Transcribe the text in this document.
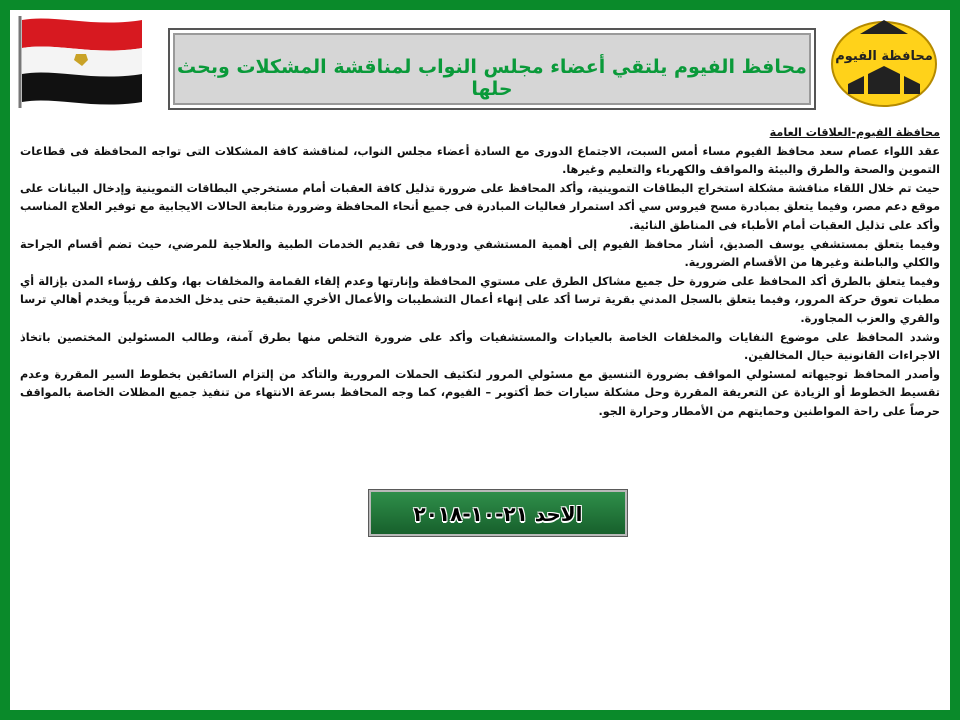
محافظ الفيوم يلتقي أعضاء مجلس النواب لمناقشة المشكلات وبحث حلها
محافظة الفيوم
محافظة الفيوم-العلاقات العامة

عقد اللواء عصام سعد محافظ الفيوم مساء أمس السبت، الاجتماع الدورى مع السادة أعضاء مجلس النواب، لمناقشة كافة المشكلات التى تواجه المحافظة فى قطاعات التموين والصحة والطرق والبيئة والمواقف والكهرباء والتعليم وغيرها.

حيث تم خلال اللقاء مناقشة مشكلة استخراج البطاقات التموينية، وأكد المحافظ على ضرورة تذليل كافة العقبات أمام مستخرجي البطاقات التموينية وإدخال البيانات على موقع دعم مصر، وفيما يتعلق بمبادرة مسح فيروس سي أكد استمرار فعاليات المبادرة فى جميع أنحاء المحافظة وضرورة متابعة الحالات الايجابية مع توفير العلاج المناسب وأكد على تذليل العقبات أمام الأطباء فى المناطق النائية.

وفيما يتعلق بمستشفي يوسف الصديق، أشار محافظ الفيوم إلى أهمية المستشفي ودورها فى تقديم الخدمات الطبية والعلاجية للمرضي، حيث تضم أقسام الجراحة والكلي والباطنة وغيرها من الأقسام الضرورية.

وفيما يتعلق بالطرق أكد المحافظ على ضرورة حل جميع مشاكل الطرق على مستوي المحافظة وإنارتها وعدم إلقاء القمامة والمخلفات بها، وكلف رؤساء المدن بإزالة أي مطبات تعوق حركة المرور، وفيما يتعلق بالسجل المدني بقرية ترسا أكد على إنهاء أعمال التشطيبات والأعمال الأخري المتبقية حتى يدخل الخدمة قريباً ويخدم أهالي ترسا والقري والعزب المجاورة.

وشدد المحافظ على موضوع النفايات والمخلفات الخاصة بالعيادات والمستشفيات وأكد على ضرورة التخلص منها بطرق آمنة، وطالب المسئولين المختصين باتخاذ الاجراءات القانونية حيال المخالفين.

وأصدر المحافظ توجيهاته لمسئولي المواقف بضرورة التنسيق مع مسئولي المرور لتكثيف الحملات المرورية والتأكد من إلتزام السائقين بخطوط السير المقررة وعدم تقسيط الخطوط أو الزيادة عن التعريفة المقررة وحل مشكلة سيارات خط أكتوبر – الفيوم، كما وجه المحافظ بسرعة الانتهاء من تنفيذ جميع المظلات الخاصة بالمواقف حرصاً على راحة المواطنين وحمايتهم من الأمطار وحرارة الجو.

الاحد ٢١-١٠-٢٠١٨
